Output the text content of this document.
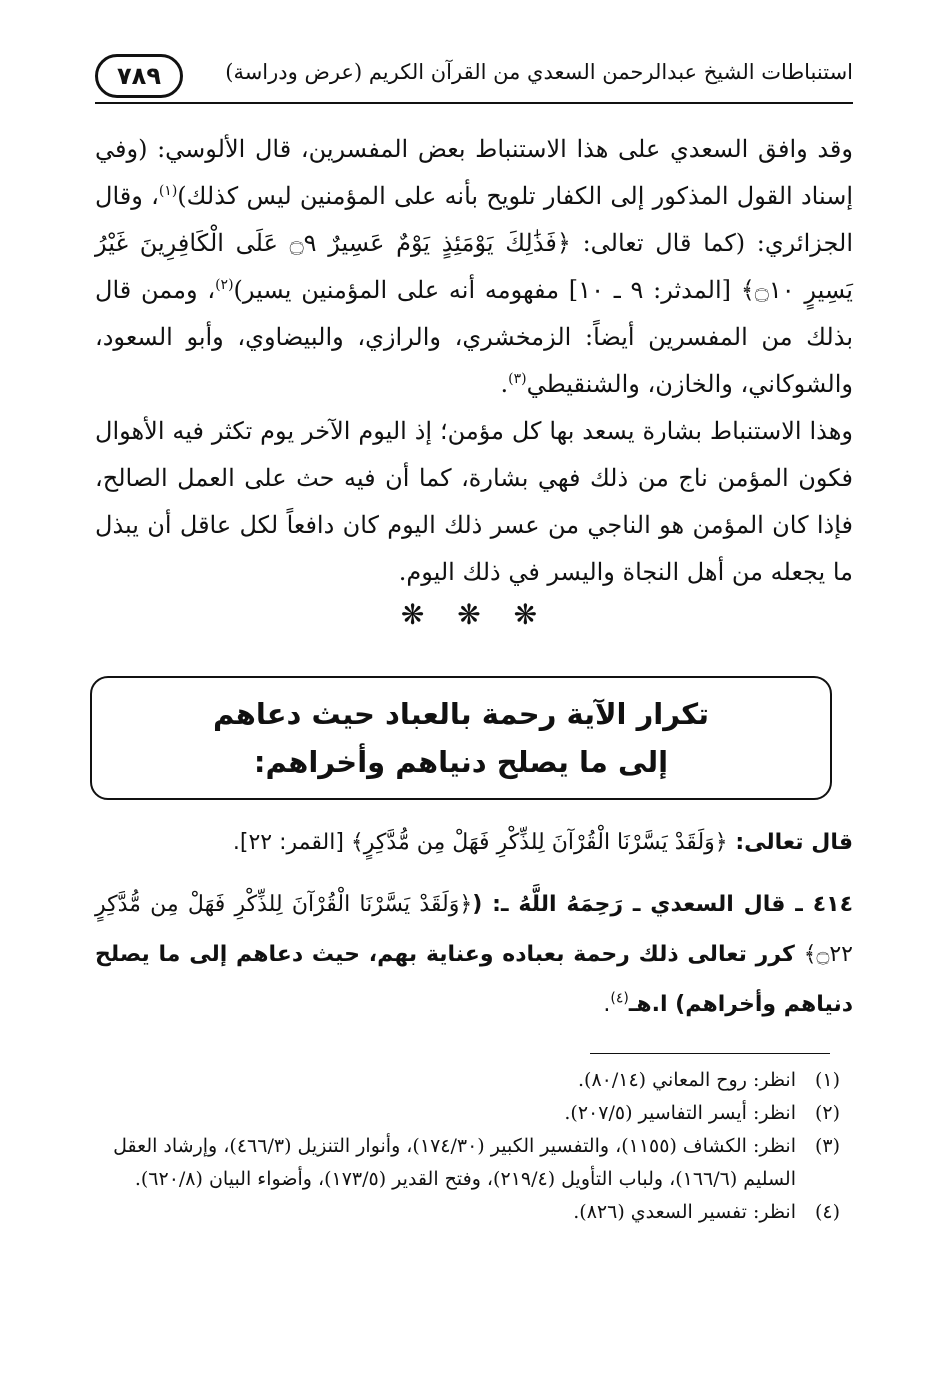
٧٨٩	استنباطات الشيخ عبدالرحمن السعدي من القرآن الكريم (عرض ودراسة)

وقد وافق السعدي على هذا الاستنباط بعض المفسرين، قال الألوسي: (وفي إسناد القول المذكور إلى الكفار تلويح بأنه على المؤمنين ليس كذلك)$^{(١)}$، وقال الجزائري: (كما قال تعالى: ﴿فَذَٰلِكَ يَوْمَئِذٍ يَوْمٌ عَسِيرٌ ۝٩ عَلَى الْكَافِرِينَ غَيْرُ يَسِيرٍ ۝١٠﴾ [المدثر: ٩ ـ ١٠] مفهومه أنه على المؤمنين يسير)$^{(٢)}$، وممن قال بذلك من المفسرين أيضاً: الزمخشري، والرازي، والبيضاوي، وأبو السعود، والشوكاني، والخازن، والشنقيطي$^{(٣)}$.

وهذا الاستنباط بشارة يسعد بها كل مؤمن؛ إذ اليوم الآخر يوم تكثر فيه الأهوال فكون المؤمن ناج من ذلك فهي بشارة، كما أن فيه حث على العمل الصالح، فإذا كان المؤمن هو الناجي من عسر ذلك اليوم كان دافعاً لكل عاقل أن يبذل ما يجعله من أهل النجاة واليسر في ذلك اليوم.

❋ ❋ ❋
تكرار الآية رحمة بالعباد حيث دعاهم
إلى ما يصلح دنياهم وأخراهم:

قال تعالى: ﴿وَلَقَدْ يَسَّرْنَا الْقُرْآنَ لِلذِّكْرِ فَهَلْ مِن مُّدَّكِرٍ﴾ [القمر: ٢٢].

٤١٤ ـ قال السعدي ـ رَحِمَهُ اللَّهُ ـ: (﴿وَلَقَدْ يَسَّرْنَا الْقُرْآنَ لِلذِّكْرِ فَهَلْ مِن مُّدَّكِرٍ ۝٢٢﴾ كرر تعالى ذلك رحمة بعباده وعناية بهم، حيث دعاهم إلى ما يصلح دنياهم وأخراهم) ا.هـ$^{(٤)}$.

(١)
انظر: روح المعاني (٨٠/١٤).
(٢)
انظر: أيسر التفاسير (٢٠٧/٥).
(٣)
انظر: الكشاف (١١٥٥)، والتفسير الكبير (١٧٤/٣٠)، وأنوار التنزيل (٤٦٦/٣)، وإرشاد العقل السليم (١٦٦/٦)، ولباب التأويل (٢١٩/٤)، وفتح القدير (١٧٣/٥)، وأضواء البيان (٦٢٠/٨).
(٤)
انظر: تفسير السعدي (٨٢٦).
